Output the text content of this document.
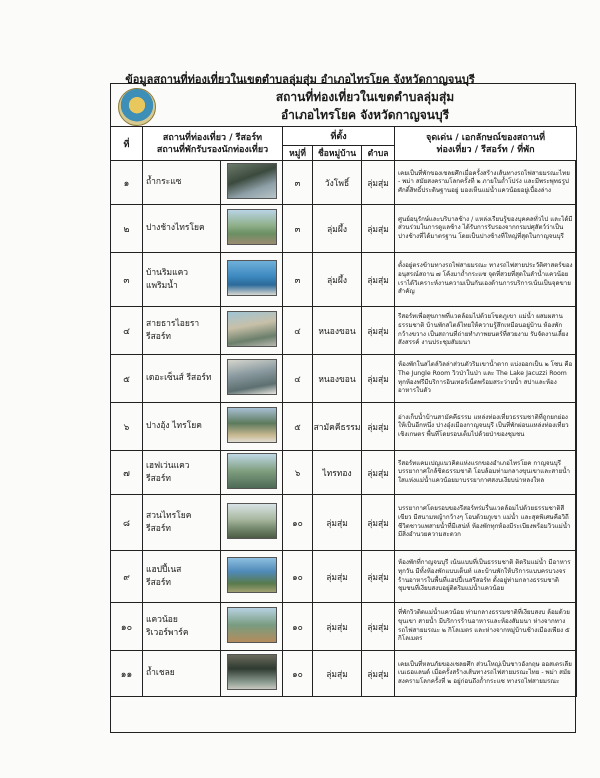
ข้อมูลสถานที่ท่องเที่ยวในเขตตำบลลุ่มสุ่ม อำเภอไทรโยค จังหวัดกาญจนบุรี
สถานที่ท่องเที่ยวในเขตตำบลลุ่มสุ่ม
อำเภอไทรโยค จังหวัดกาญจนบุรี
ที่	สถานที่ท่องเที่ยว / รีสอร์ท
สถานที่พักรับรองนักท่องเที่ยว		ที่ตั้ง			จุดเด่น / เอกลักษณ์ของสถานที่
ท่องเที่ยว / รีสอร์ท / ที่พัก
			หมู่ที่	ชื่อหมู่บ้าน	ตำบล	
๑	ถ้ำกระแซ		๓	วังโพธิ์	ลุ่มสุ่ม	เคยเป็นที่พักของเชลยศึกเมื่อครั้งสร้างเส้นทางรถไฟสายมรณะไทย - พม่า สมัยสงครามโลกครั้งที่ ๒ ภายในถ้ำโปร่ง และมีพระพุทธรูปศักดิ์สิทธิ์ประดิษฐานอยู่ มองเห็นแม่น้ำแควน้อยอยู่เบื้องล่าง
๒	ปางช้างไทรโยค		๓	ลุ่มผึ้ง	ลุ่มสุ่ม	ศูนย์อนุรักษ์และบริบาลช้าง / แหล่งเรียนรู้ของบุคคลทั่วไป และได้มีส่วนร่วมในการดูแลช้าง ได้รับการรับรองจากกรมปศุสัตว์ว่าเป็นปางช้างที่ได้มาตรฐาน โดยเป็นปางช้างที่ใหญ่ที่สุดในกาญจนบุรี
๓	บ้านริมแคว
แพริมน้ำ		๓	ลุ่มผึ้ง	ลุ่มสุ่ม	ตั้งอยู่ตรงข้ามทางรถไฟสายมรณะ ทางรถไฟสายประวัติศาสตร์ของอนุสรณ์สถาน ๗ โค้งมาถ้ำกระแซ จุดที่สวยที่สุดในลำน้ำแควน้อย เราได้วิเคราะห์งานความเป็นกันเองด้านการบริการเน้นเป็นจุดขายสำคัญ
๔	สายธารไอยรา
รีสอร์ท		๔	หนองขอน	ลุ่มสุ่ม	รีสอร์ทเพื่อสุขภาพที่แวดล้อมไปด้วยโขดภูเขา แม่น้ำ ผสมผสานธรรมชาติ บ้านพักสไตล์ไทยให้ความรู้สึกเหมือนอยู่บ้าน ห้องพักกว้างขวาง เป็นสถานที่ถ่ายทำภาพยนตร์ที่สวยงาม รับจัดงานเลี้ยงสังสรรค์ งานประชุมสัมมนา
๕	เดอะเซ็นส์ รีสอร์ท		๔	หนองขอน	ลุ่มสุ่ม	ห้องพักในสไตล์วิลล่าส่วนตัวริมเขาน้ำตาก แบ่งออกเป็น ๒ โซน คือ The Jungle Room วิวป่าในป่า และ The Lake Jacuzzi Room ทุกห้องฟรีมีบริการอินเทอร์เน็ตพร้อมสระว่ายน้ำ สปาและห้องอาหารในตัว
๖	ปางอุ้ง ไทรโยค		๕	สามัคคีธรรม	ลุ่มสุ่ม	อ่างเก็บน้ำบ้านสามัคคีธรรม แหล่งท่องเที่ยวธรรมชาติที่ถูกยกย่องให้เป็นอีกหนึ่ง ปางอุ๋งเมืองกาญจนบุรี เป็นที่พักผ่อนแหล่งท่องเที่ยวเชิงเกษตร พื้นที่โดยรอบเต็มไปด้วยป่าของชุมชน
๗	เฮฟเว่นแคว
รีสอร์ท		๖	ไทรทอง	ลุ่มสุ่ม	รีสอร์ทแคมเปญแนวคิดแห่งแรกของอำเภอไทรโยค กาญจนบุรี บรรยากาศใกล้ชิดธรรมชาติ โอบล้อมท่ามกลางขุนเขาและสายน้ำใสแห่งแม่น้ำแควน้อยมาบรรยากาศสงบเงียบน่าหลงใหล
๘	สวนไทรโยค
รีสอร์ท		๑๐	ลุ่มสุ่ม	ลุ่มสุ่ม	บรรยากาศโดยรอบของรีสอร์ทร่มรื่นแวดล้อมไปด้วยธรรมชาติสีเขียว มีสนามหญ้ากว้างๆ โอบด้วยภูเขา แม่น้ำ และสุดพิเศษคือวิถีชีวิตชาวแพสายน้ำที่มีเสน่ห์ ห้องพักทุกห้องมีระเบียงพร้อมวิวแม่น้ำ มีสิ่งอำนวยความสะดวก
๙	แฮปปี้เนส
รีสอร์ท		๑๐	ลุ่มสุ่ม	ลุ่มสุ่ม	ห้องพักที่กาญจนบุรี เน้นแบบที่เป็นธรรมชาติ ติดริมแม่น้ำ มีอาหารทุกวัน มีทั้งห้องพักแบบเต็นท์ และบ้านพักให้บริการแบบครบวงจร ร้านอาหารในพื้นที่แฮปปี้เนสรีสอร์ท ตั้งอยู่ท่ามกลางธรรมชาติ ชุมชนที่เงียบสงบอยู่ติดริมแม่น้ำแควน้อย
๑๐	แควน้อย
ริเวอร์พาร์ค		๑๐	ลุ่มสุ่ม	ลุ่มสุ่ม	ที่พักวิวติดแม่น้ำแควน้อย ท่ามกลางธรรมชาติที่เงียบสงบ ล้อมด้วยขุนเขา สายน้ำ มีบริการร้านอาหารและห้องสัมมนา ห่างจากทางรถไฟสายมรณะ ๒ กิโลเมตร และห่างจากหมู่บ้านช้างเมืองเพียง ๕ กิโลเมตร
๑๑	ถ้ำเชลย		๑๐	ลุ่มสุ่ม	ลุ่มสุ่ม	เคยเป็นที่หลบภัยของเชลยศึก ส่วนใหญ่เป็นชาวอังกฤษ ออสเตรเลีย เนเธอแลนด์ เมื่อครั้งสร้างเส้นทางรถไฟสายมรณะไทย - พม่า สมัยสงครามโลกครั้งที่ ๒ อยู่ก่อนถึงถ้ำกระแซ ทางรถไฟสายมรณะ
